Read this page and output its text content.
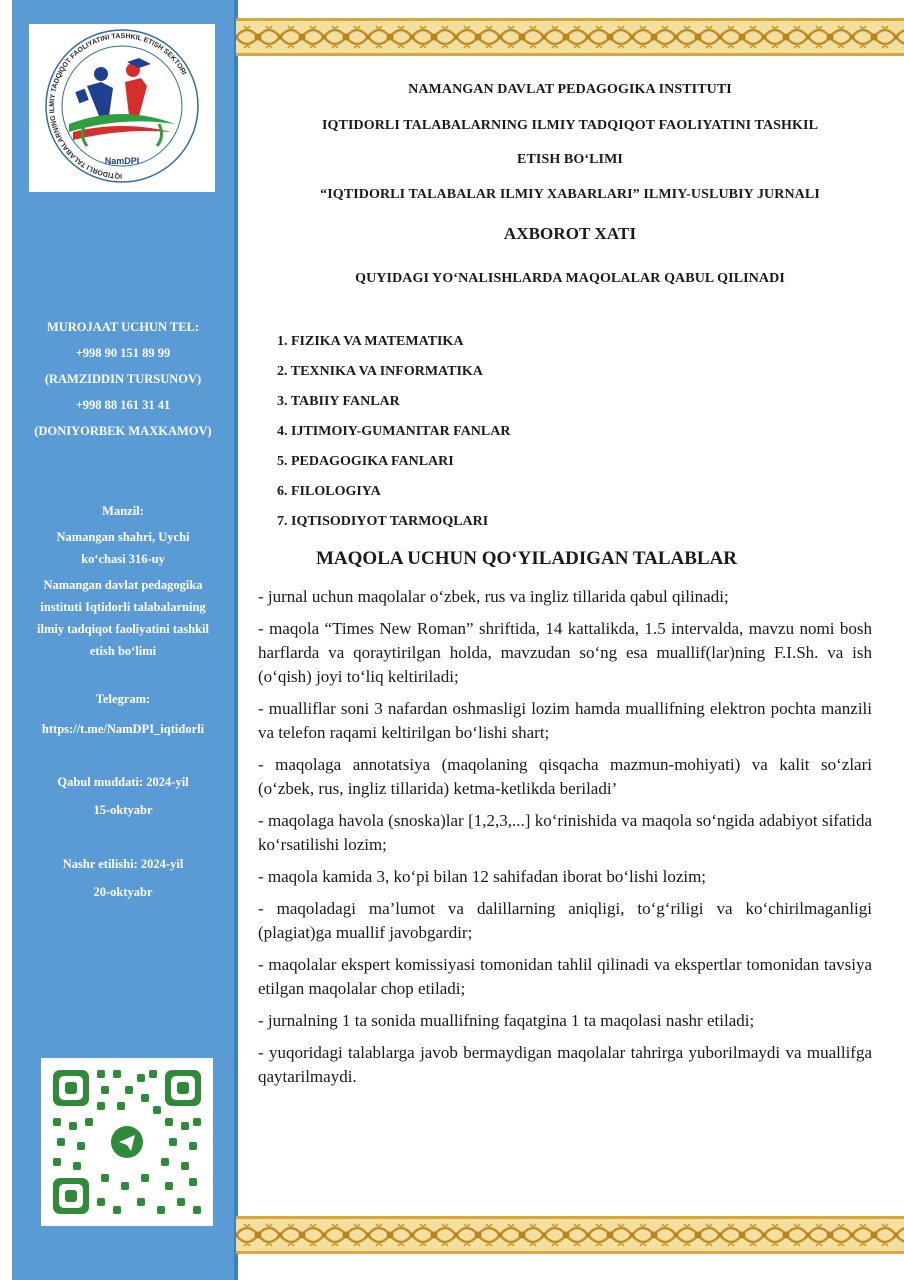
IQTIDORLI TALABALARNING ILMIY TADQIQOT FAOLIYATINI TASHKIL ETISH SEKTORI
NamDPI
MUROJAAT UCHUN TEL:
+998 90 151 89 99
(RAMZIDDIN TURSUNOV)
+998 88 161 31 41
(DONIYORBEK MAXKAMOV)
Manzil:
Namangan shahri, Uychi
ko‘chasi 316-uy
Namangan davlat pedagogika
instituti Iqtidorli talabalarning
ilmiy tadqiqot faoliyatini tashkil
etish bo‘limi
Telegram:
https://t.me/NamDPI_iqtidorli
Qabul muddati: 2024-yil
15-oktyabr
Nashr etilishi: 2024-yil
20-oktyabr
NAMANGAN DAVLAT PEDAGOGIKA INSTITUTI
IQTIDORLI TALABALARNING ILMIY TADQIQOT FAOLIYATINI TASHKIL
ETISH BO‘LIMI
“IQTIDORLI TALABALAR ILMIY XABARLARI” ILMIY-USLUBIY JURNALI
AXBOROT XATI
QUYIDAGI YO‘NALISHLARDA MAQOLALAR QABUL QILINADI
1. FIZIKA VA MATEMATIKA
2. TEXNIKA VA INFORMATIKA
3. TABIIY FANLAR
4. IJTIMOIY-GUMANITAR FANLAR
5. PEDAGOGIKA FANLARI
6. FILOLOGIYA
7. IQTISODIYOT TARMOQLARI
MAQOLA UCHUN QO‘YILADIGAN TALABLAR

- jurnal uchun maqolalar o‘zbek, rus va ingliz tillarida qabul qilinadi;

- maqola “Times New Roman” shriftida, 14 kattalikda, 1.5 intervalda, mavzu nomi bosh harflarda va qoraytirilgan holda, mavzudan so‘ng esa muallif(lar)ning F.I.Sh. va ish (o‘qish) joyi to‘liq keltiriladi;

- mualliflar soni 3 nafardan oshmasligi lozim hamda muallifning elektron pochta manzili va telefon raqami keltirilgan bo‘lishi shart;

- maqolaga annotatsiya (maqolaning qisqacha mazmun-mohiyati) va kalit so‘zlari (o‘zbek, rus, ingliz tillarida) ketma-ketlikda beriladi’

- maqolaga havola (snoska)lar [1,2,3,...] ko‘rinishida va maqola so‘ngida adabiyot sifatida ko‘rsatilishi lozim;

- maqola kamida 3, ko‘pi bilan 12 sahifadan iborat bo‘lishi lozim;

- maqoladagi ma’lumot va dalillarning aniqligi, to‘g‘riligi va ko‘chirilmaganligi (plagiat)ga muallif javobgardir;

- maqolalar ekspert komissiyasi tomonidan tahlil qilinadi va ekspertlar tomonidan tavsiya etilgan maqolalar chop etiladi;

- jurnalning 1 ta sonida muallifning faqatgina 1 ta maqolasi nashr etiladi;

- yuqoridagi talablarga javob bermaydigan maqolalar tahrirga yuborilmaydi va muallifga qaytarilmaydi.
